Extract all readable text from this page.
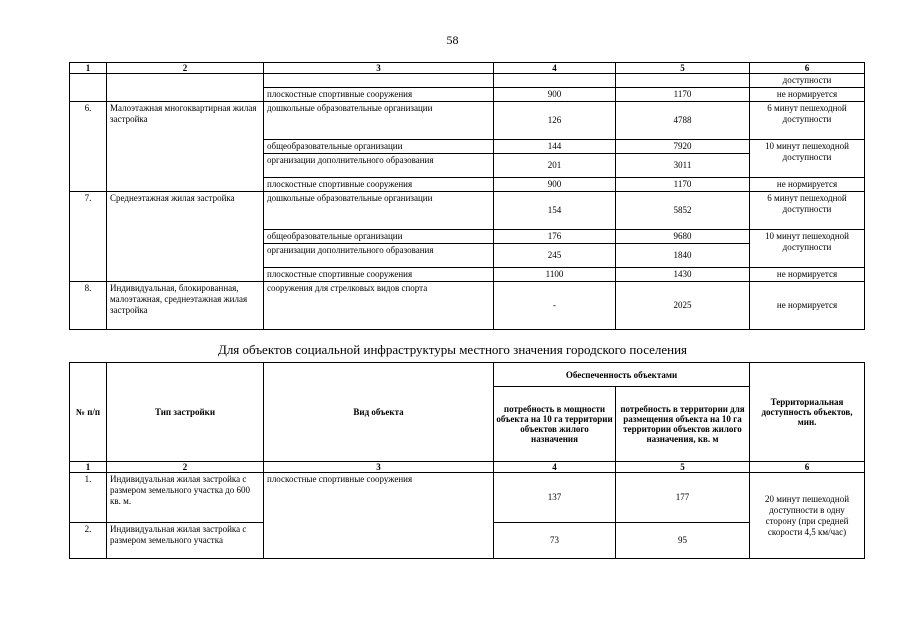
58
1	2	3	4	5	6
					доступности
		плоскостные спортивные сооружения	900	1170	не нормируется
6.	Малоэтажная многоквартирная жилая застройка	дошкольные образовательные организации	126	4788	6 минут пешеходной доступности
		общеобразовательные организации	144	7920	10 минут пешеходной доступности
		организации дополнительного образования	201	3011	
		плоскостные спортивные сооружения	900	1170	не нормируется
7.	Среднеэтажная жилая застройка	дошкольные образовательные организации	154	5852	6 минут пешеходной доступности
		общеобразовательные организации	176	9680	10 минут пешеходной доступности
		организации дополнительного образования	245	1840	
		плоскостные спортивные сооружения	1100	1430	не нормируется
8.	Индивидуальная, блокированная, малоэтажная, среднеэтажная жилая застройка	сооружения для стрелковых видов спорта	-	2025	не нормируется
Для объектов социальной инфраструктуры местного значения городского поселения
№ п/п	Тип застройки	Вид объекта	Обеспеченность объектами		Территориальная доступность объектов, мин.
			потребность в мощности объекта на 10 га территории объектов жилого назначения	потребность в территории для размещения объекта на 10 га территории объектов жилого назначения, кв. м	
1	2	3	4	5	6
1.	Индивидуальная жилая застройка с размером земельного участка до 600 кв. м.	плоскостные спортивные сооружения	137	177	20 минут пешеходной доступности в одну сторону (при средней скорости 4,5 км/час)
2.	Индивидуальная жилая застройка с размером земельного участка		73	95	
